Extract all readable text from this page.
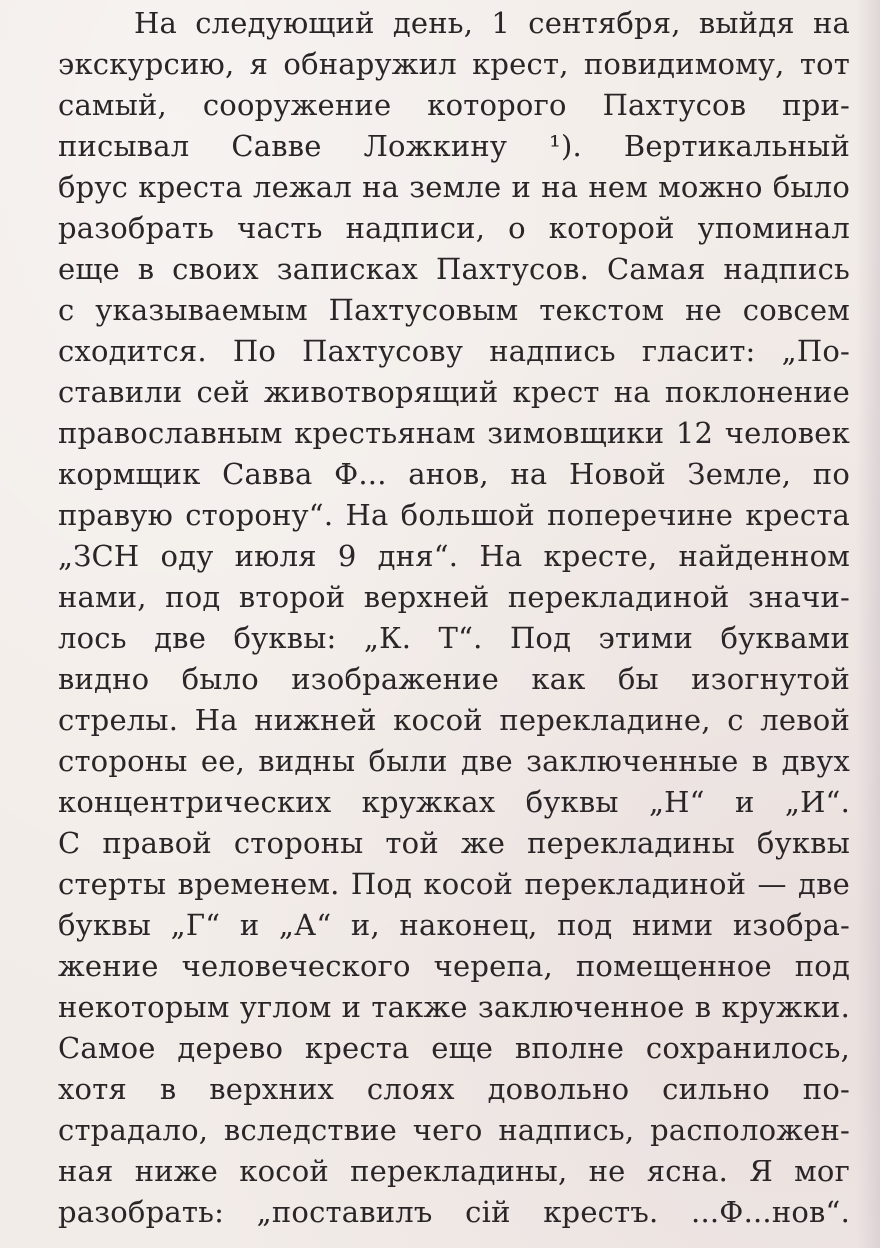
На следующий день, 1 сентября, выйдя на

экскурсию, я обнаружил крест, повидимому, тот

самый, сооружение которого Пахтусов при-

писывал Савве Ложкину ¹). Вертикальный

брус креста лежал на земле и на нем можно было

разобрать часть надписи, о которой упоминал

еще в своих записках Пахтусов. Самая надпись

с указываемым Пахтусовым текстом не совсем

сходится. По Пахтусову надпись гласит: „По-

ставили сей животворящий крест на поклонение

православным крестьянам зимовщики 12 человек

кормщик Савва Ф... анов, на Новой Земле, по

правую сторону“. На большой поперечине креста

„ЗСН оду июля 9 дня“. На кресте, найденном

нами, под второй верхней перекладиной значи-

лось две буквы: „К. Т“. Под этими буквами

видно было изображение как бы изогнутой

стрелы. На нижней косой перекладине, с левой

стороны ее, видны были две заключенные в двух

концентрических кружках буквы „Н“ и „И“.

С правой стороны той же перекладины буквы

стерты временем. Под косой перекладиной — две

буквы „Г“ и „А“ и, наконец, под ними изобра-

жение человеческого черепа, помещенное под

некоторым углом и также заключенное в кружки.

Самое дерево креста еще вполне сохранилось,

хотя в верхних слоях довольно сильно по-

страдало, вследствие чего надпись, расположен-

ная ниже косой перекладины, не ясна. Я мог

разобрать: „поставилъ сій крестъ. ...Ф...нов“.
